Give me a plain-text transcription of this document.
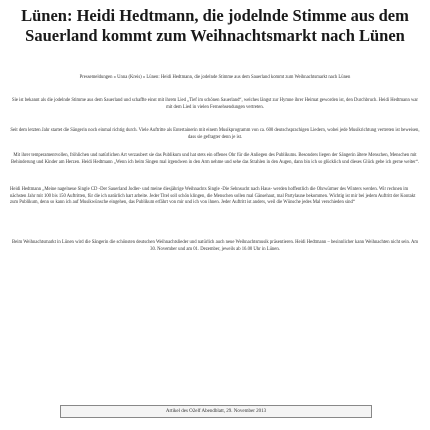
Lünen: Heidi Hedtmann, die jodelnde Stimme aus dem Sauerland kommt zum Weihnachtsmarkt nach Lünen
Pressemeldungen » Unna (Kreis) » Lünen: Heidi Hedtmann, die jodelnde Stimme aus dem Sauerland kommt zum Weihnachtsmarkt nach Lünen
Sie ist bekannt als die jodelnde Stimme aus dem Sauerland und schaffte einst mit ihrem Lied „Tief im schönen Sauerland“, welches längst zur Hymne ihrer Heimat geworden ist, den Durchbruch. Heidi Hedtmann war mit dem Lied in vielen Fernsehsendungen vertreten.
Seit dem letzten Jahr startet die Sängerin noch einmal richtig durch. Viele Auftritte als Entertainerin mit einem Musikprogramm von ca. 600 deutschsprachigen Liedern, wobei jede Musikrichtung vertreten ist beweisen, dass sie gefragter denn je ist.
Mit ihrer temperamentvollen, fröhlichen und natürlichen Art verzaubert sie das Publikum und hat stets ein offenes Ohr für die Anliegen des Publikums. Besonders liegen der Sängerin ältere Menschen, Menschen mit Behinderung und Kinder am Herzen. Heidi Hedtmann „Wenn ich beim Singen mal irgendwen in den Arm nehme und sehe das Strahlen in den Augen, dann bin ich so glücklich und dieses Glück gebe ich gerne weiter“.
Heidi Hedtmann „Meine nagelneue Single CD -Der Sauerland Jodler- und meine diesjährige Weihnachts Single -Die Sehnsucht nach Haus- werden hoffentlich die Ohrwürmer des Winters werden. Wir rechnen im nächsten Jahr mit 100 bis 150 Auftritten, für die ich natürlich hart arbeite. Jeder Titel soll schön klingen, die Menschen sollen mal Gänsehaut, mal Partylaune bekommen. Wichtig ist mir bei jedem Auftritt der Kontakt zum Publikum, denn so kann ich auf Musikwünsche eingehen, das Publikum erfährt von mir und ich von ihnen. Jeder Auftritt ist anders, weil die Wünsche jedes Mal verschieden sind“
Beim Weihnachtsmarkt in Lünen wird die Sängerin die schönsten deutschen Weihnachtslieder und natürlich auch neue Weihnachtsmusik präsentieren. Heidi Hedtmann – besinnlicher kann Weihnachten nicht sein. Am 30. November und am 01. Dezember, jeweils ab 16.00 Uhr in Lünen.
Artikel des O2elf Abendblatt, 29. November 2013
